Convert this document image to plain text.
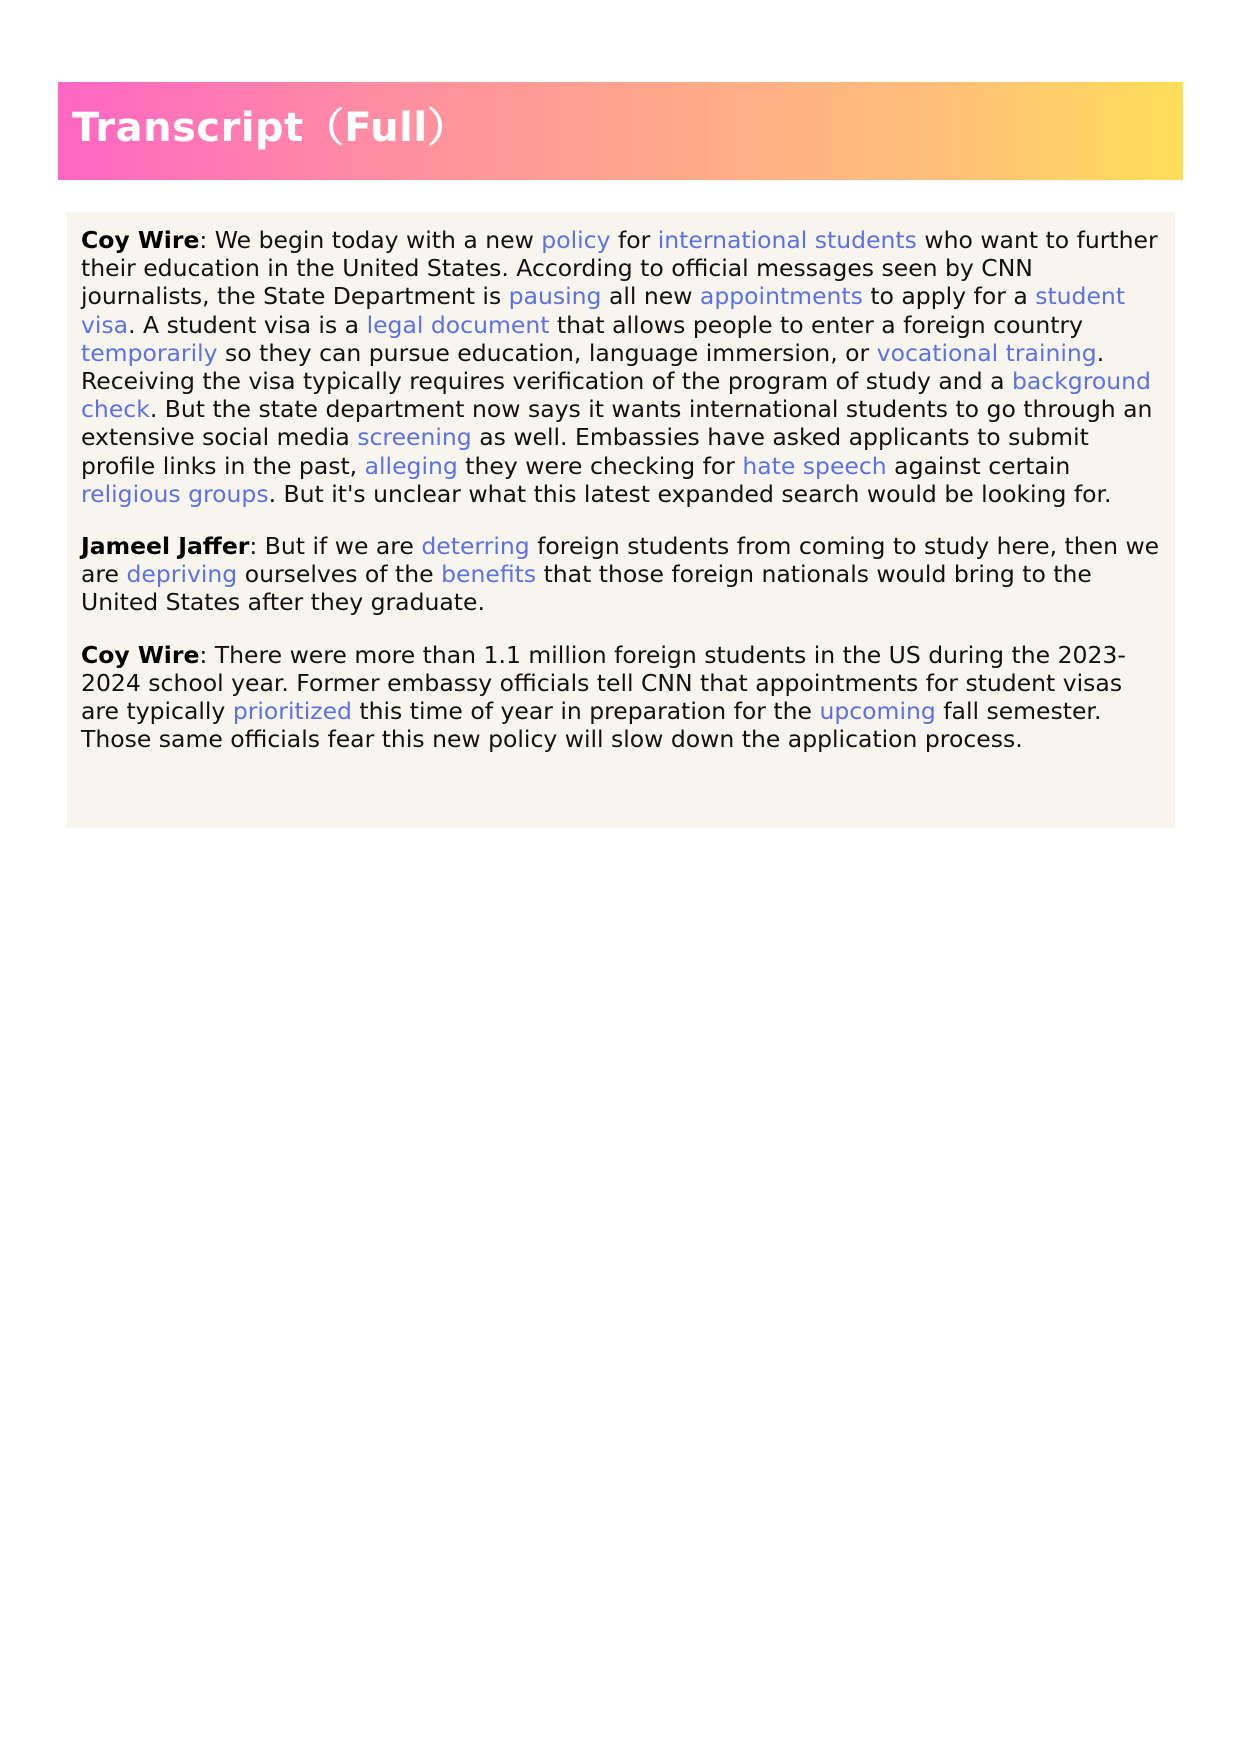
Transcript（Full）

Coy Wire: We begin today with a new policy for international students who want to further their education in the United States. According to official messages seen by CNN journalists, the State Department is pausing all new appointments to apply for a student visa. A student visa is a legal document that allows people to enter a foreign country temporarily so they can pursue education, language immersion, or vocational training. Receiving the visa typically requires verification of the program of study and a background check. But the state department now says it wants international students to go through an extensive social media screening as well. Embassies have asked applicants to submit profile links in the past, alleging they were checking for hate speech against certain religious groups. But it's unclear what this latest expanded search would be looking for.

Jameel Jaffer: But if we are deterring foreign students from coming to study here, then we are depriving ourselves of the benefits that those foreign nationals would bring to the United States after they graduate.

Coy Wire: There were more than 1.1 million foreign students in the US during the 2023-2024 school year. Former embassy officials tell CNN that appointments for student visas are typically prioritized this time of year in preparation for the upcoming fall semester. Those same officials fear this new policy will slow down the application process.
